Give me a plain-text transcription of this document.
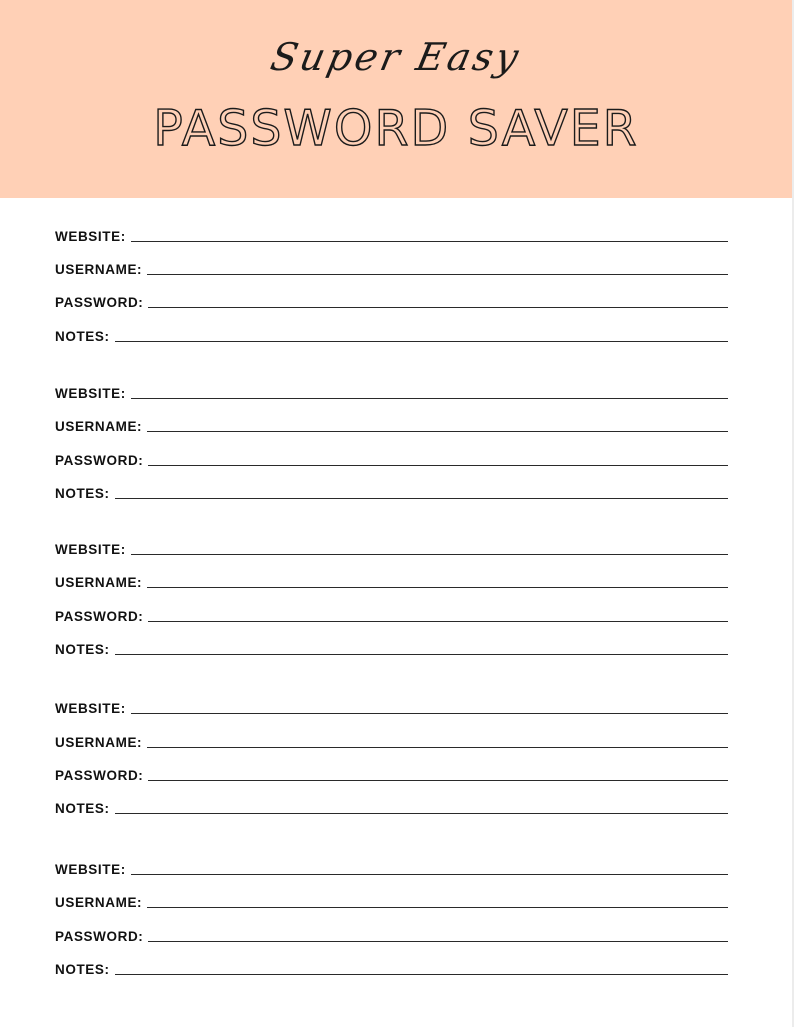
Super Easy
PASSWORD SAVER
WEBSITE:
USERNAME:
PASSWORD:
NOTES:
WEBSITE:
USERNAME:
PASSWORD:
NOTES:
WEBSITE:
USERNAME:
PASSWORD:
NOTES:
WEBSITE:
USERNAME:
PASSWORD:
NOTES:
WEBSITE:
USERNAME:
PASSWORD:
NOTES:
